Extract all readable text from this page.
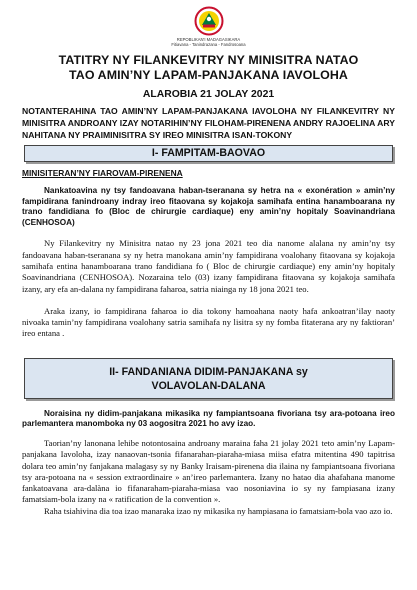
REPOBLIKAN'I MADAGASIKARA
Fitiavana - Tanindrazana - Fandrosoana
TATITRY NY FILANKEVITRY NY MINISITRA NATAO
TAO AMIN’NY LAPAM-PANJAKANA IAVOLOHA
ALAROBIA 21 JOLAY 2021
NOTANTERAHINA TAO AMIN’NY LAPAM-PANJAKANA IAVOLOHA NY FILANKEVITRY NY MINISITRA ANDROANY IZAY NOTARIHIN’NY FILOHAM-PIRENENA ANDRY RAJOELINA ARY NAHITANA NY PRAIMINISITRA SY IREO MINISITRA ISAN-TOKONY
I- FAMPITAM-BAOVAO
MINISITERAN’NY FIAROVAM-PIRENENA
Nankatoavina ny tsy fandoavana haban-tseranana sy hetra na « exonération » amin’ny fampidirana fanindroany indray ireo fitaovana sy kojakoja samihafa entina hanamboarana ny trano fandidiana fo (Bloc de chirurgie cardiaque) eny amin’ny hopitaly Soavinandriana (CENHOSOA)
Ny Filankevitry ny Minisitra natao ny 23 jona 2021 teo dia nanome alalana ny amin’ny tsy fandoavana haban-tseranana sy ny hetra manokana amin’ny fampidirana voalohany fitaovana sy kojakoja samihafa entina hanamboarana trano fandidiana fo ( Bloc de chirurgie cardiaque) eny amin’ny hopitaly Soavinandriana (CENHOSOA). Nozaraina telo (03) izany fampidirana fitaovana sy kojakoja samihafa izany, ary efa an-dalana ny fampidirana faharoa, satria niainga ny 18 jona 2021 teo.
Araka izany, io fampidirana faharoa io dia tokony hamoahana naoty hafa ankoatran’ilay naoty nivoaka tamin’ny fampidirana voalohany satria samihafa ny lisitra sy ny fomba fitaterana ary ny faktioran’ ireo entana .
II- FANDANIANA DIDIM-PANJAKANA sy
VOLAVOLAN-DALANA
Noraisina ny didim-panjakana mikasika ny fampiantsoana fivoriana tsy ara-potoana ireo parlemantera manomboka ny 03 aogositra 2021 ho avy izao.
Taorian’ny lanonana lehibe notontosaina androany maraina faha 21 jolay 2021 teto amin’ny Lapam-panjakana Iavoloha, izay nanaovan-tsonia fifanarahan-piaraha-miasa miisa efatra mitentina 490 tapitrisa dolara teo amin’ny fanjakana malagasy sy ny Banky Iraisam-pirenena dia ilaina ny fampiantsoana fivoriana tsy ara-potoana na « session extraordinaire » an’ireo parlemantera. Izany no hatao dia ahafahana manome fankatoavana ara-dalàna io fifanaraham-piaraha-miasa vao nosoniavina io sy ny fampiasana izany famatsiam-bola izany na « ratification de la convention ».
Raha tsiahivina dia toa izao manaraka izao ny mikasika ny hampiasana io famatsiam-bola vao azo io.
